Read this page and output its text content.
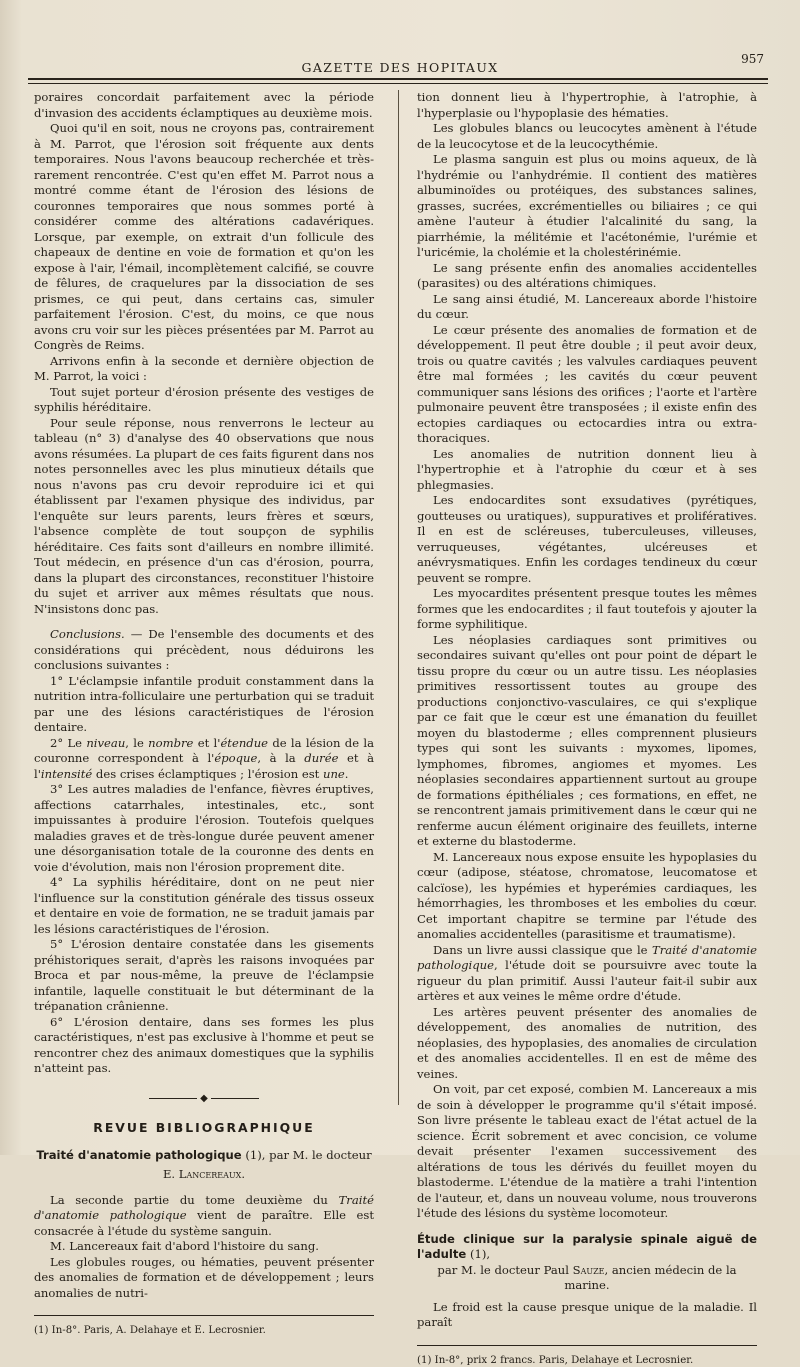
GAZETTE DES HOPITAUX
957

poraires concordait parfaitement avec la période d'invasion des accidents éclamptiques au deuxième mois.

Quoi qu'il en soit, nous ne croyons pas, contrairement à M. Parrot, que l'érosion soit fréquente aux dents temporaires. Nous l'avons beaucoup recherchée et très-rarement rencontrée. C'est qu'en effet M. Parrot nous a montré comme étant de l'érosion des lésions de couronnes temporaires que nous sommes porté à considérer comme des altérations cadavériques. Lorsque, par exemple, on extrait d'un follicule des chapeaux de dentine en voie de formation et qu'on les expose à l'air, l'émail, incomplètement calcifié, se couvre de fêlures, de craquelures par la dissociation de ses prismes, ce qui peut, dans certains cas, simuler parfaitement l'érosion. C'est, du moins, ce que nous avons cru voir sur les pièces présentées par M. Parrot au Congrès de Reims.

Arrivons enfin à la seconde et dernière objection de M. Parrot, la voici :

Tout sujet porteur d'érosion présente des vestiges de syphilis héréditaire.

Pour seule réponse, nous renverrons le lecteur au tableau (n° 3) d'analyse des 40 observations que nous avons résumées. La plupart de ces faits figurent dans nos notes personnelles avec les plus minutieux détails que nous n'avons pas cru devoir reproduire ici et qui établissent par l'examen physique des individus, par l'enquête sur leurs parents, leurs frères et sœurs, l'absence complète de tout soupçon de syphilis héréditaire. Ces faits sont d'ailleurs en nombre illimité. Tout médecin, en présence d'un cas d'érosion, pourra, dans la plupart des circonstances, reconstituer l'histoire du sujet et arriver aux mêmes résultats que nous. N'insistons donc pas.

Conclusions. — De l'ensemble des documents et des considérations qui précèdent, nous déduirons les conclusions suivantes :

1° L'éclampsie infantile produit constamment dans la nutrition intra-folliculaire une perturbation qui se traduit par une des lésions caractéristiques de l'érosion dentaire.

2° Le niveau, le nombre et l'étendue de la lésion de la couronne correspondent à l'époque, à la durée et à l'intensité des crises éclamptiques ; l'érosion est une.

3° Les autres maladies de l'enfance, fièvres éruptives, affections catarrhales, intestinales, etc., sont impuissantes à produire l'érosion. Toutefois quelques maladies graves et de très-longue durée peuvent amener une désorganisation totale de la couronne des dents en voie d'évolution, mais non l'érosion proprement dite.

4° La syphilis héréditaire, dont on ne peut nier l'influence sur la constitution générale des tissus osseux et dentaire en voie de formation, ne se traduit jamais par les lésions caractéristiques de l'érosion.

5° L'érosion dentaire constatée dans les gisements préhistoriques serait, d'après les raisons invoquées par Broca et par nous-même, la preuve de l'éclampsie infantile, laquelle constituait le but déterminant de la trépanation crânienne.

6° L'érosion dentaire, dans ses formes les plus caractéristiques, n'est pas exclusive à l'homme et peut se rencontrer chez des animaux domestiques que la syphilis n'atteint pas.

◆
REVUE BIBLIOGRAPHIQUE
Traité d'anatomie pathologique (1), par M. le docteur
E. Lancereaux.

La seconde partie du tome deuxième du Traité d'anatomie pathologique vient de paraître. Elle est consacrée à l'étude du système sanguin.

M. Lancereaux fait d'abord l'histoire du sang.

Les globules rouges, ou hématies, peuvent présenter des anomalies de formation et de développement ; leurs anomalies de nutri-

(1) In-8°. Paris, A. Delahaye et E. Lecrosnier.

tion donnent lieu à l'hypertrophie, à l'atrophie, à l'hyperplasie ou l'hypoplasie des hématies.

Les globules blancs ou leucocytes amènent à l'étude de la leucocytose et de la leucocythémie.

Le plasma sanguin est plus ou moins aqueux, de là l'hydrémie ou l'anhydrémie. Il contient des matières albuminoïdes ou protéiques, des substances salines, grasses, sucrées, excrémentielles ou biliaires ; ce qui amène l'auteur à étudier l'alcalinité du sang, la piarrhémie, la mélitémie et l'acétonémie, l'urémie et l'uricémie, la cholémie et la cholestérinémie.

Le sang présente enfin des anomalies accidentelles (parasites) ou des altérations chimiques.

Le sang ainsi étudié, M. Lancereaux aborde l'histoire du cœur.

Le cœur présente des anomalies de formation et de développement. Il peut être double ; il peut avoir deux, trois ou quatre cavités ; les valvules cardiaques peuvent être mal formées ; les cavités du cœur peuvent communiquer sans lésions des orifices ; l'aorte et l'artère pulmonaire peuvent être transposées ; il existe enfin des ectopies cardiaques ou ectocardies intra ou extra-thoraciques.

Les anomalies de nutrition donnent lieu à l'hypertrophie et à l'atrophie du cœur et à ses phlegmasies.

Les endocardites sont exsudatives (pyrétiques, goutteuses ou uratiques), suppuratives et prolifératives. Il en est de scléreuses, tuberculeuses, villeuses, verruqueuses, végétantes, ulcéreuses et anévrysmatiques. Enfin les cordages tendineux du cœur peuvent se rompre.

Les myocardites présentent presque toutes les mêmes formes que les endocardites ; il faut toutefois y ajouter la forme syphilitique.

Les néoplasies cardiaques sont primitives ou secondaires suivant qu'elles ont pour point de départ le tissu propre du cœur ou un autre tissu. Les néoplasies primitives ressortissent toutes au groupe des productions conjonctivo-vasculaires, ce qui s'explique par ce fait que le cœur est une émanation du feuillet moyen du blastoderme ; elles comprennent plusieurs types qui sont les suivants : myxomes, lipomes, lymphomes, fibromes, angiomes et myomes. Les néoplasies secondaires appartiennent surtout au groupe de formations épithéliales ; ces formations, en effet, ne se rencontrent jamais primitivement dans le cœur qui ne renferme aucun élément originaire des feuillets, interne et externe du blastoderme.

M. Lancereaux nous expose ensuite les hypoplasies du cœur (adipose, stéatose, chromatose, leucomatose et calcïose), les hypémies et hyperémies cardiaques, les hémorrhagies, les thromboses et les embolies du cœur. Cet important chapitre se termine par l'étude des anomalies accidentelles (parasitisme et traumatisme).

Dans un livre aussi classique que le Traité d'anatomie pathologique, l'étude doit se poursuivre avec toute la rigueur du plan primitif. Aussi l'auteur fait-il subir aux artères et aux veines le même ordre d'étude.

Les artères peuvent présenter des anomalies de développement, des anomalies de nutrition, des néoplasies, des hypoplasies, des anomalies de circulation et des anomalies accidentelles. Il en est de même des veines.

On voit, par cet exposé, combien M. Lancereaux a mis de soin à développer le programme qu'il s'était imposé. Son livre présente le tableau exact de l'état actuel de la science. Écrit sobrement et avec concision, ce volume devait présenter l'examen successivement des altérations de tous les dérivés du feuillet moyen du blastoderme. L'étendue de la matière a trahi l'intention de l'auteur, et, dans un nouveau volume, nous trouverons l'étude des lésions du système locomoteur.

Étude clinique sur la paralysie spinale aiguë de l'adulte (1),

par M. le docteur Paul Sauze, ancien médecin de la marine.

Le froid est la cause presque unique de la maladie. Il paraît

(1) In-8°, prix 2 francs. Paris, Delahaye et Lecrosnier.
